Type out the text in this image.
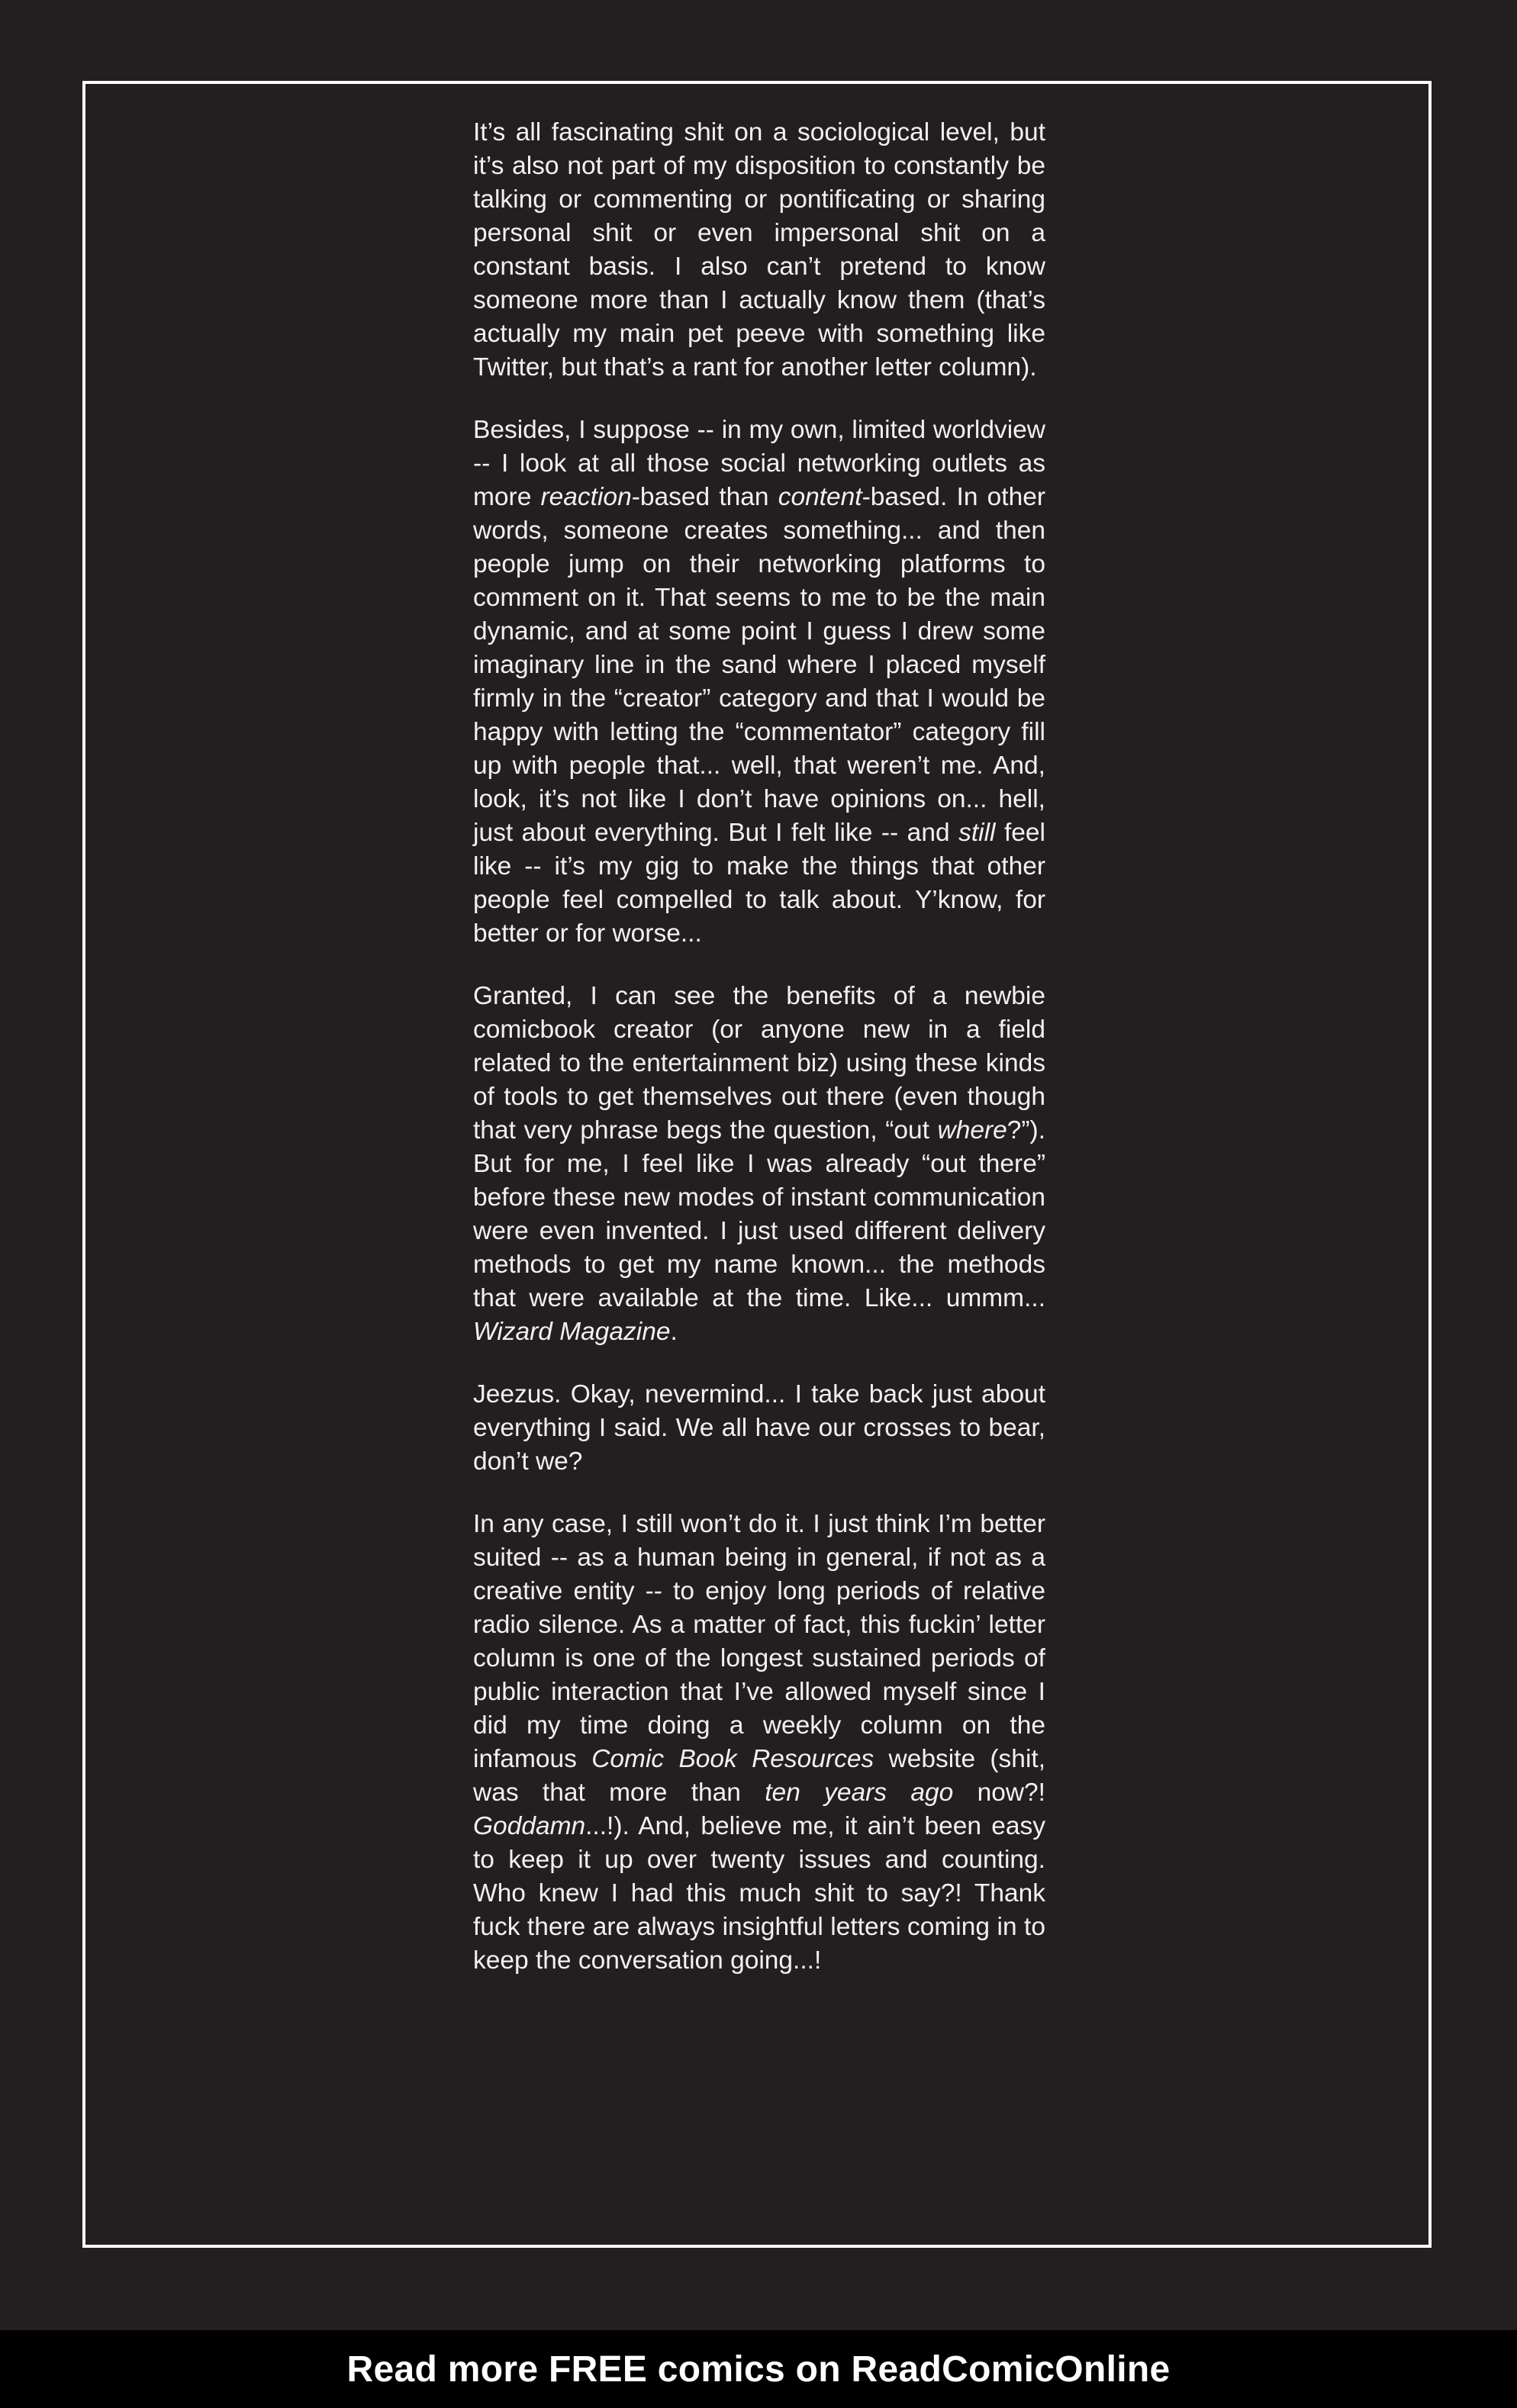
It’s all fascinating shit on a sociological level, but it’s also not part of my disposition to constantly be talking or commenting or pontificating or sharing personal shit or even impersonal shit on a constant basis. I also can’t pretend to know someone more than I actually know them (that’s actually my main pet peeve with something like Twitter, but that’s a rant for another letter column).

Besides, I suppose -- in my own, limited worldview -- I look at all those social networking outlets as more reaction-based than content-based. In other words, someone creates something... and then people jump on their networking platforms to comment on it. That seems to me to be the main dynamic, and at some point I guess I drew some imaginary line in the sand where I placed myself firmly in the “creator” category and that I would be happy with letting the “commentator” category fill up with people that... well, that weren’t me. And, look, it’s not like I don’t have opinions on... hell, just about everything. But I felt like -- and still feel like -- it’s my gig to make the things that other people feel compelled to talk about. Y’know, for better or for worse...

Granted, I can see the benefits of a newbie comicbook creator (or anyone new in a field related to the entertainment biz) using these kinds of tools to get themselves out there (even though that very phrase begs the question, “out where?”). But for me, I feel like I was already “out there” before these new modes of instant communication were even invented. I just used different delivery methods to get my name known... the methods that were available at the time. Like... ummm... Wizard Magazine.

Jeezus. Okay, nevermind... I take back just about everything I said. We all have our crosses to bear, don’t we?

In any case, I still won’t do it. I just think I’m better suited -- as a human being in general, if not as a creative entity -- to enjoy long periods of relative radio silence. As a matter of fact, this fuckin’ letter column is one of the longest sustained periods of public interaction that I’ve allowed myself since I did my time doing a weekly column on the infamous Comic Book Resources website (shit, was that more than ten years ago now?! Goddamn...!). And, believe me, it ain’t been easy to keep it up over twenty issues and counting. Who knew I had this much shit to say?! Thank fuck there are always insightful letters coming in to keep the conversation going...!

Read more FREE comics on ReadComicOnline
